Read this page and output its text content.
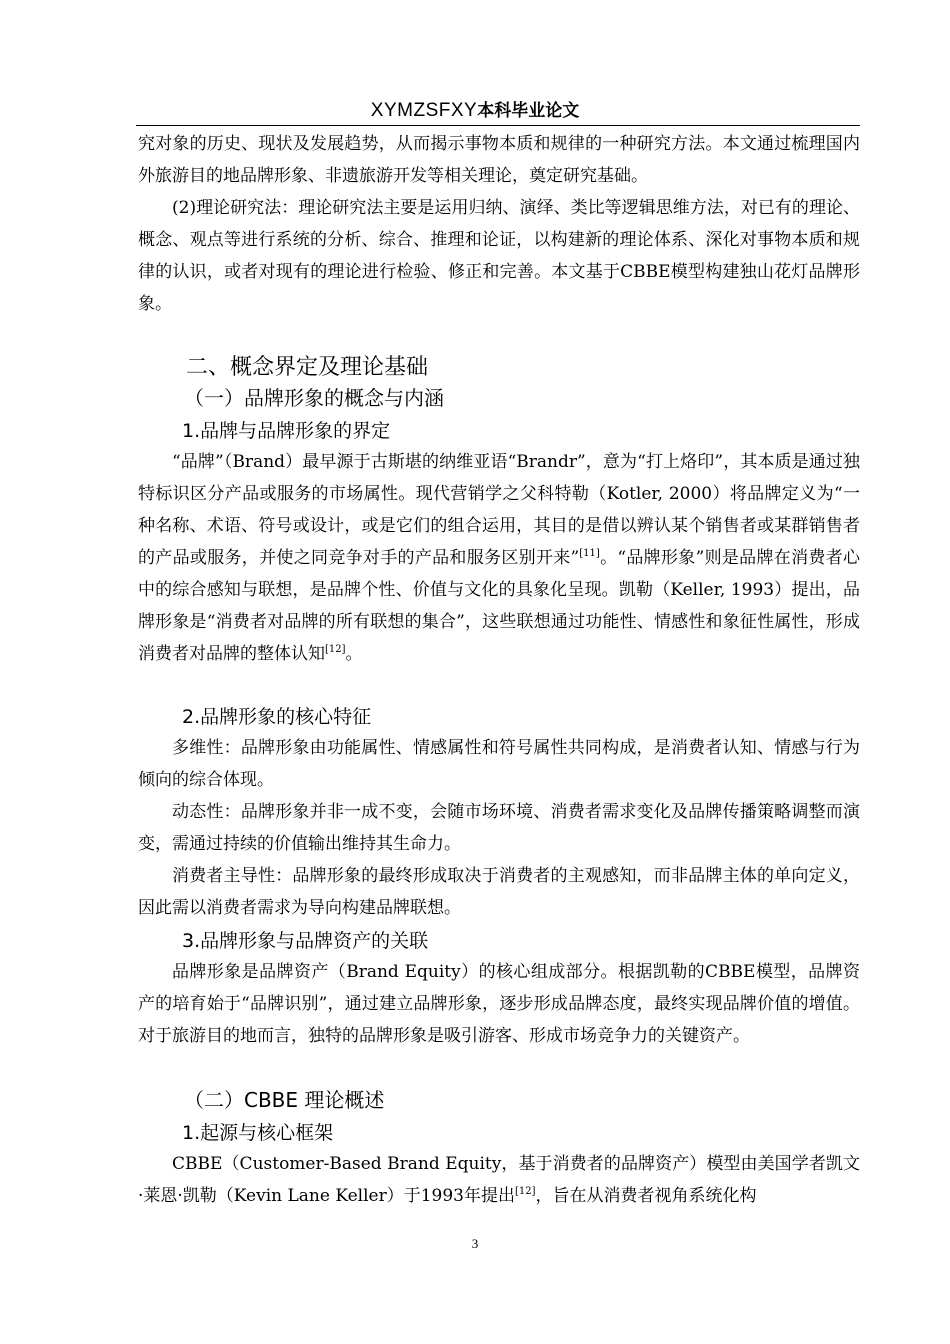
XYMZSFXY本科毕业论文
究对象的历史、现状及发展趋势，从而揭示事物本质和规律的一种研究方法。本文通过梳理国内外旅游目的地品牌形象、非遗旅游开发等相关理论，奠定研究基础。
(2)理论研究法：理论研究法主要是运用归纳、演绎、类比等逻辑思维方法，对已有的理论、概念、观点等进行系统的分析、综合、推理和论证，以构建新的理论体系、深化对事物本质和规律的认识，或者对现有的理论进行检验、修正和完善。本文基于CBBE模型构建独山花灯品牌形象。
二、概念界定及理论基础
（一）品牌形象的概念与内涵
1.品牌与品牌形象的界定
“品牌”（Brand）最早源于古斯堪的纳维亚语“Brandr”，意为“打上烙印”，其本质是通过独特标识区分产品或服务的市场属性。现代营销学之父科特勒（Kotler, 2000）将品牌定义为“一种名称、术语、符号或设计，或是它们的组合运用，其目的是借以辨认某个销售者或某群销售者的产品或服务，并使之同竞争对手的产品和服务区别开来”[11]。“品牌形象”则是品牌在消费者心中的综合感知与联想，是品牌个性、价值与文化的具象化呈现。凯勒（Keller, 1993）提出，品牌形象是“消费者对品牌的所有联想的集合”，这些联想通过功能性、情感性和象征性属性，形成消费者对品牌的整体认知[12]。
2.品牌形象的核心特征
多维性：品牌形象由功能属性、情感属性和符号属性共同构成，是消费者认知、情感与行为倾向的综合体现。
动态性：品牌形象并非一成不变，会随市场环境、消费者需求变化及品牌传播策略调整而演变，需通过持续的价值输出维持其生命力。
消费者主导性：品牌形象的最终形成取决于消费者的主观感知，而非品牌主体的单向定义，因此需以消费者需求为导向构建品牌联想。
3.品牌形象与品牌资产的关联
品牌形象是品牌资产（Brand Equity）的核心组成部分。根据凯勒的CBBE模型，品牌资产的培育始于“品牌识别”，通过建立品牌形象，逐步形成品牌态度，最终实现品牌价值的增值。对于旅游目的地而言，独特的品牌形象是吸引游客、形成市场竞争力的关键资产。
（二）CBBE 理论概述
1.起源与核心框架
CBBE（Customer-Based Brand Equity，基于消费者的品牌资产）模型由美国学者凯文·莱恩·凯勒（Kevin Lane Keller）于1993年提出[12]，旨在从消费者视角系统化构
3
